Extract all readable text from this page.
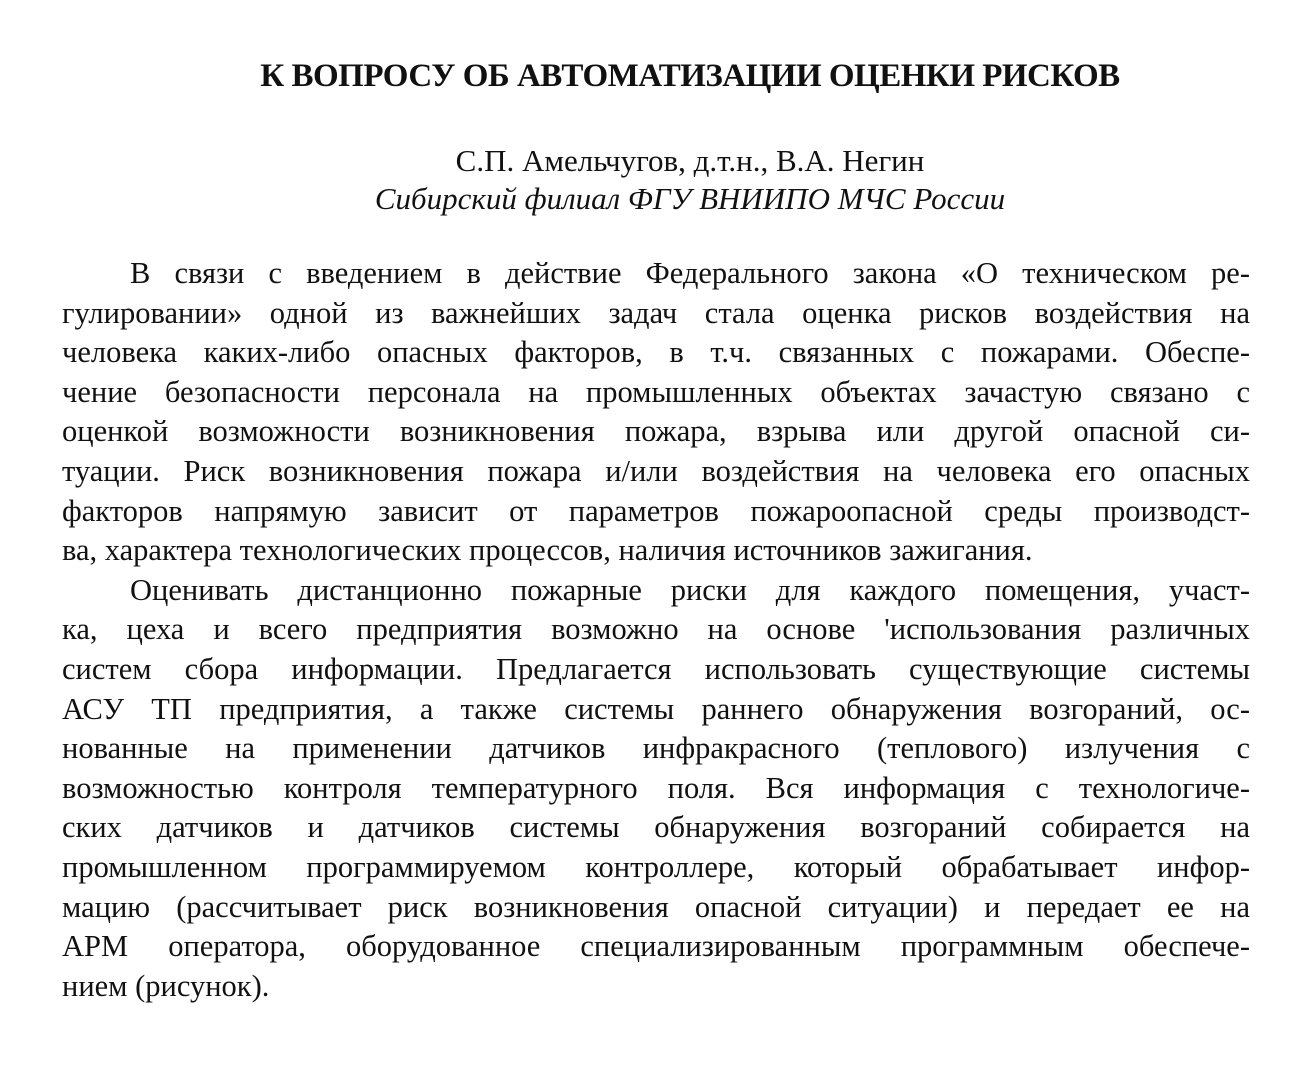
К ВОПРОСУ ОБ АВТОМАТИЗАЦИИ ОЦЕНКИ РИСКОВ
С.П. Амельчугов, д.т.н., В.А. Негин
Сибирский филиал ФГУ ВНИИПО МЧС России
В связи с введением в действие Федерального закона «О техническом ре-
гулировании» одной из важнейших задач стала оценка рисков воздействия на
человека каких-либо опасных факторов, в т.ч. связанных с пожарами. Обеспе-
чение безопасности персонала на промышленных объектах зачастую связано с
оценкой возможности возникновения пожара, взрыва или другой опасной си-
туации. Риск возникновения пожара и/или воздействия на человека его опасных
факторов напрямую зависит от параметров пожароопасной среды производст-
ва, характера технологических процессов, наличия источников зажигания.
Оценивать дистанционно пожарные риски для каждого помещения, участ-
ка, цеха и всего предприятия возможно на основе 'использования различных
систем сбора информации. Предлагается использовать существующие системы
АСУ ТП предприятия, а также системы раннего обнаружения возгораний, ос-
нованные на применении датчиков инфракрасного (теплового) излучения с
возможностью контроля температурного поля. Вся информация с технологиче-
ских датчиков и датчиков системы обнаружения возгораний собирается на
промышленном программируемом контроллере, который обрабатывает инфор-
мацию (рассчитывает риск возникновения опасной ситуации) и передает ее на
АРМ оператора, оборудованное специализированным программным обеспече-
нием (рисунок).
